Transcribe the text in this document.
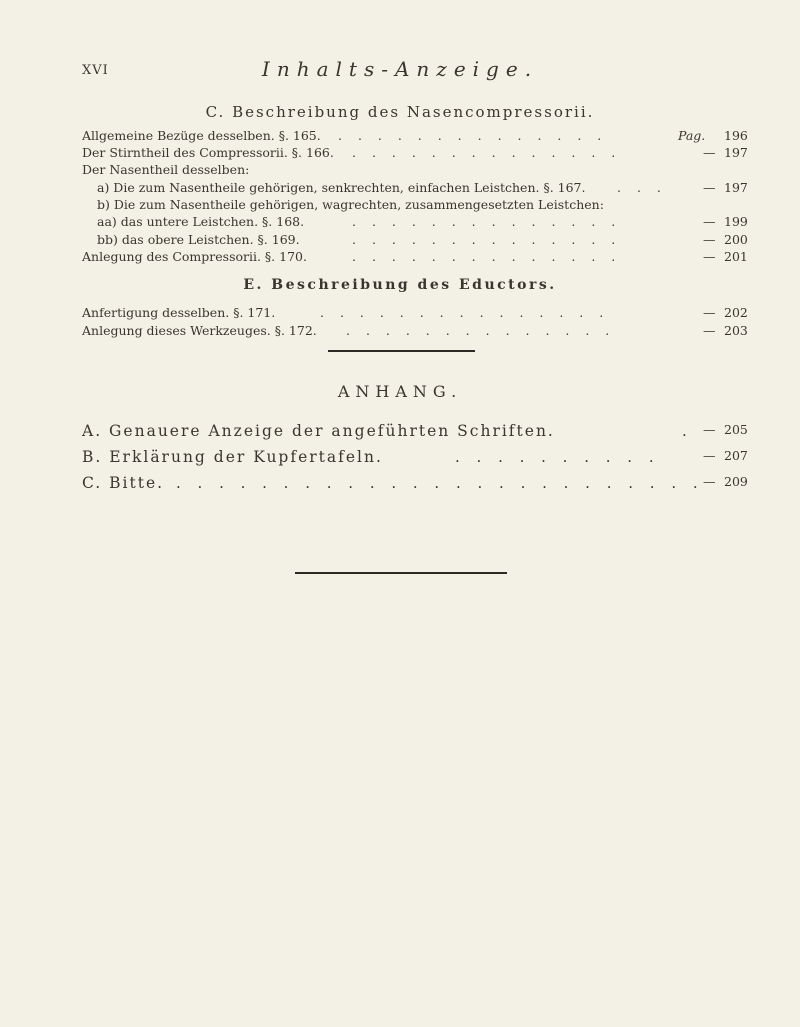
XVI	Inhalts-Anzeige.
C. Beschreibung des Nasencompressorii.
Allgemeine Bezüge desselben. §. 165. . . . . . . . . . . . . . .	Pag.	196
Der Stirntheil des Compressorii. §. 166. . . . . . . . . . . . . . .	— 197
Der Nasentheil desselben:
a) Die zum Nasentheile gehörigen, senkrechten, einfachen Leistchen. §. 167.	. . .	— 197
b) Die zum Nasentheile gehörigen, wagrechten, zusammengesetzten Leistchen:
aa) das untere Leistchen. §. 168.	. . . . . . . . . . . . . .	— 199
bb) das obere Leistchen. §. 169.	. . . . . . . . . . . . . .	— 200
Anlegung des Compressorii. §. 170.	. . . . . . . . . . . . . .	— 201
E. Beschreibung des Eductors.
Anfertigung desselben. §. 171.	. . . . . . . . . . . . . . .	— 202
Anlegung dieses Werkzeuges. §. 172. . . . . . . . . . . . . . .	— 203
ANHANG.
A. Genauere Anzeige der angeführten Schriften.	. — 205
B. Erklärung der Kupfertafeln.	. . . . . . . . . .	— 207
C. Bitte. . . . . . . . . . . . . . . . . . . . . . . . . . — 209
